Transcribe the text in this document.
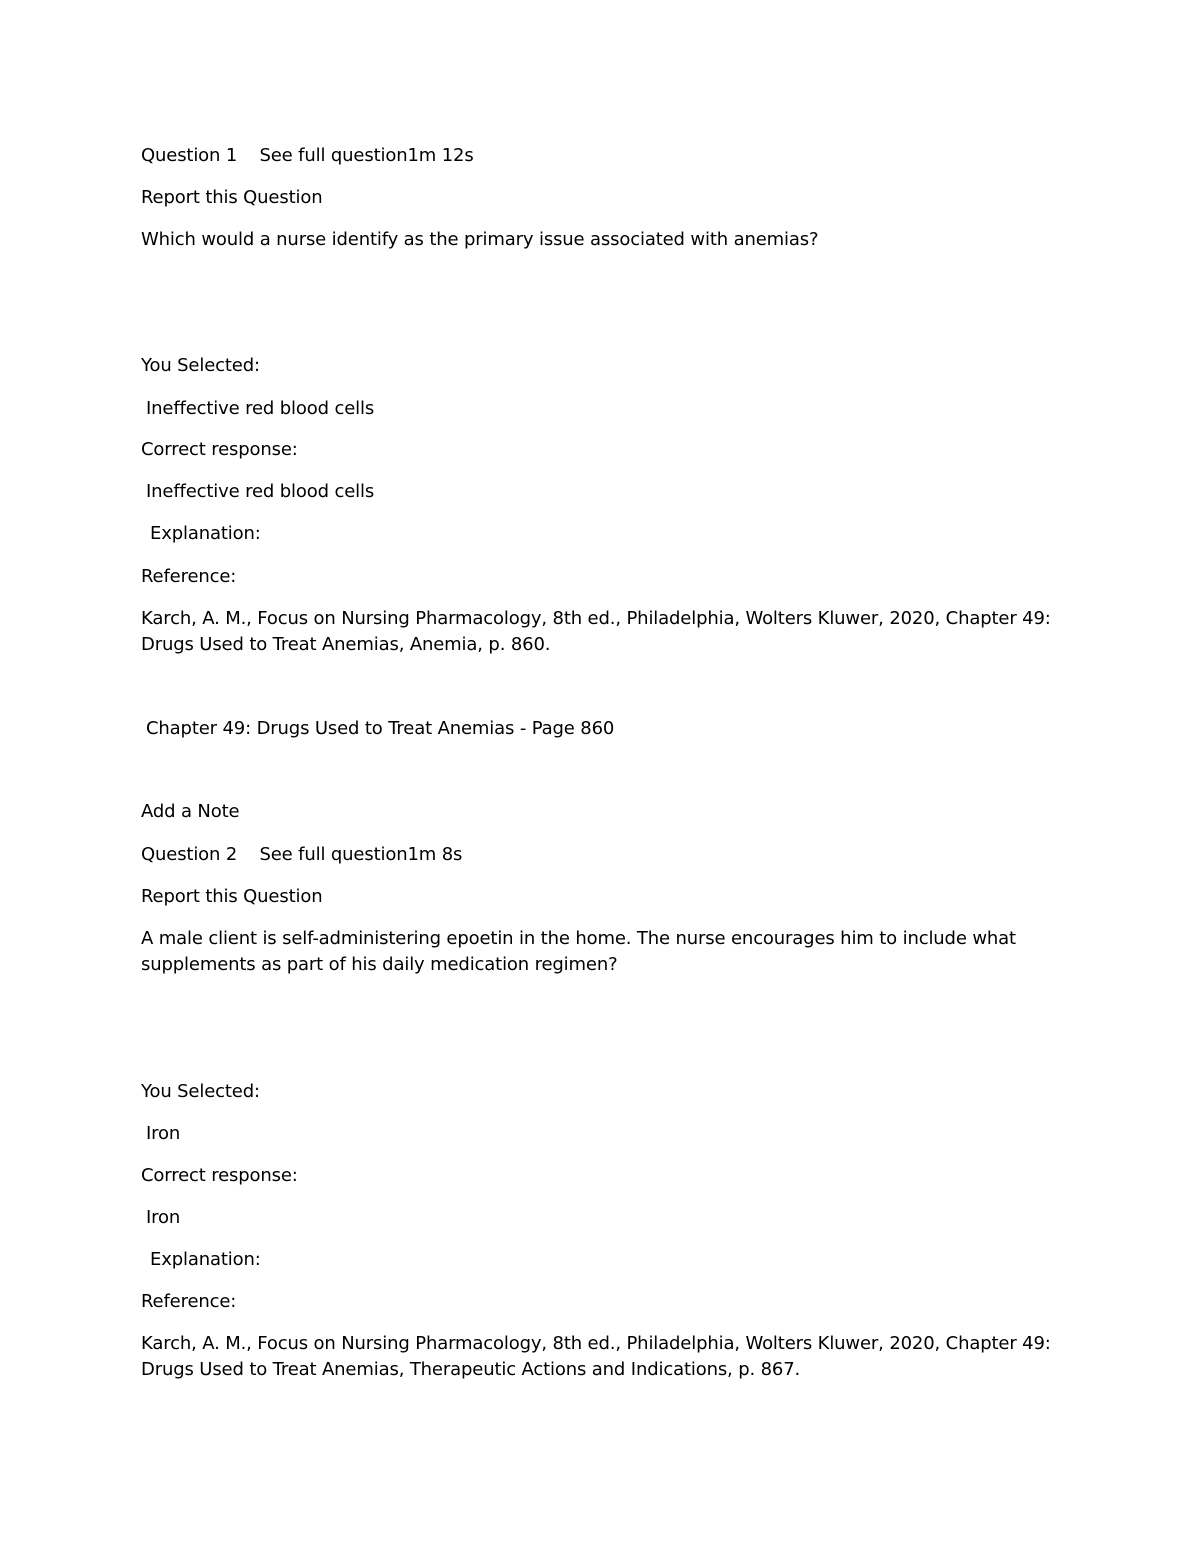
Question 1 See full question1m 12s
Report this Question
Which would a nurse identify as the primary issue associated with anemias?
You Selected:
Ineffective red blood cells
Correct response:
Ineffective red blood cells
Explanation:
Reference:
Karch, A. M., Focus on Nursing Pharmacology, 8th ed., Philadelphia, Wolters Kluwer, 2020, Chapter 49:
Drugs Used to Treat Anemias, Anemia, p. 860.
Chapter 49: Drugs Used to Treat Anemias - Page 860
Add a Note
Question 2 See full question1m 8s
Report this Question
A male client is self-administering epoetin in the home. The nurse encourages him to include what
supplements as part of his daily medication regimen?
You Selected:
Iron
Correct response:
Iron
Explanation:
Reference:
Karch, A. M., Focus on Nursing Pharmacology, 8th ed., Philadelphia, Wolters Kluwer, 2020, Chapter 49:
Drugs Used to Treat Anemias, Therapeutic Actions and Indications, p. 867.
